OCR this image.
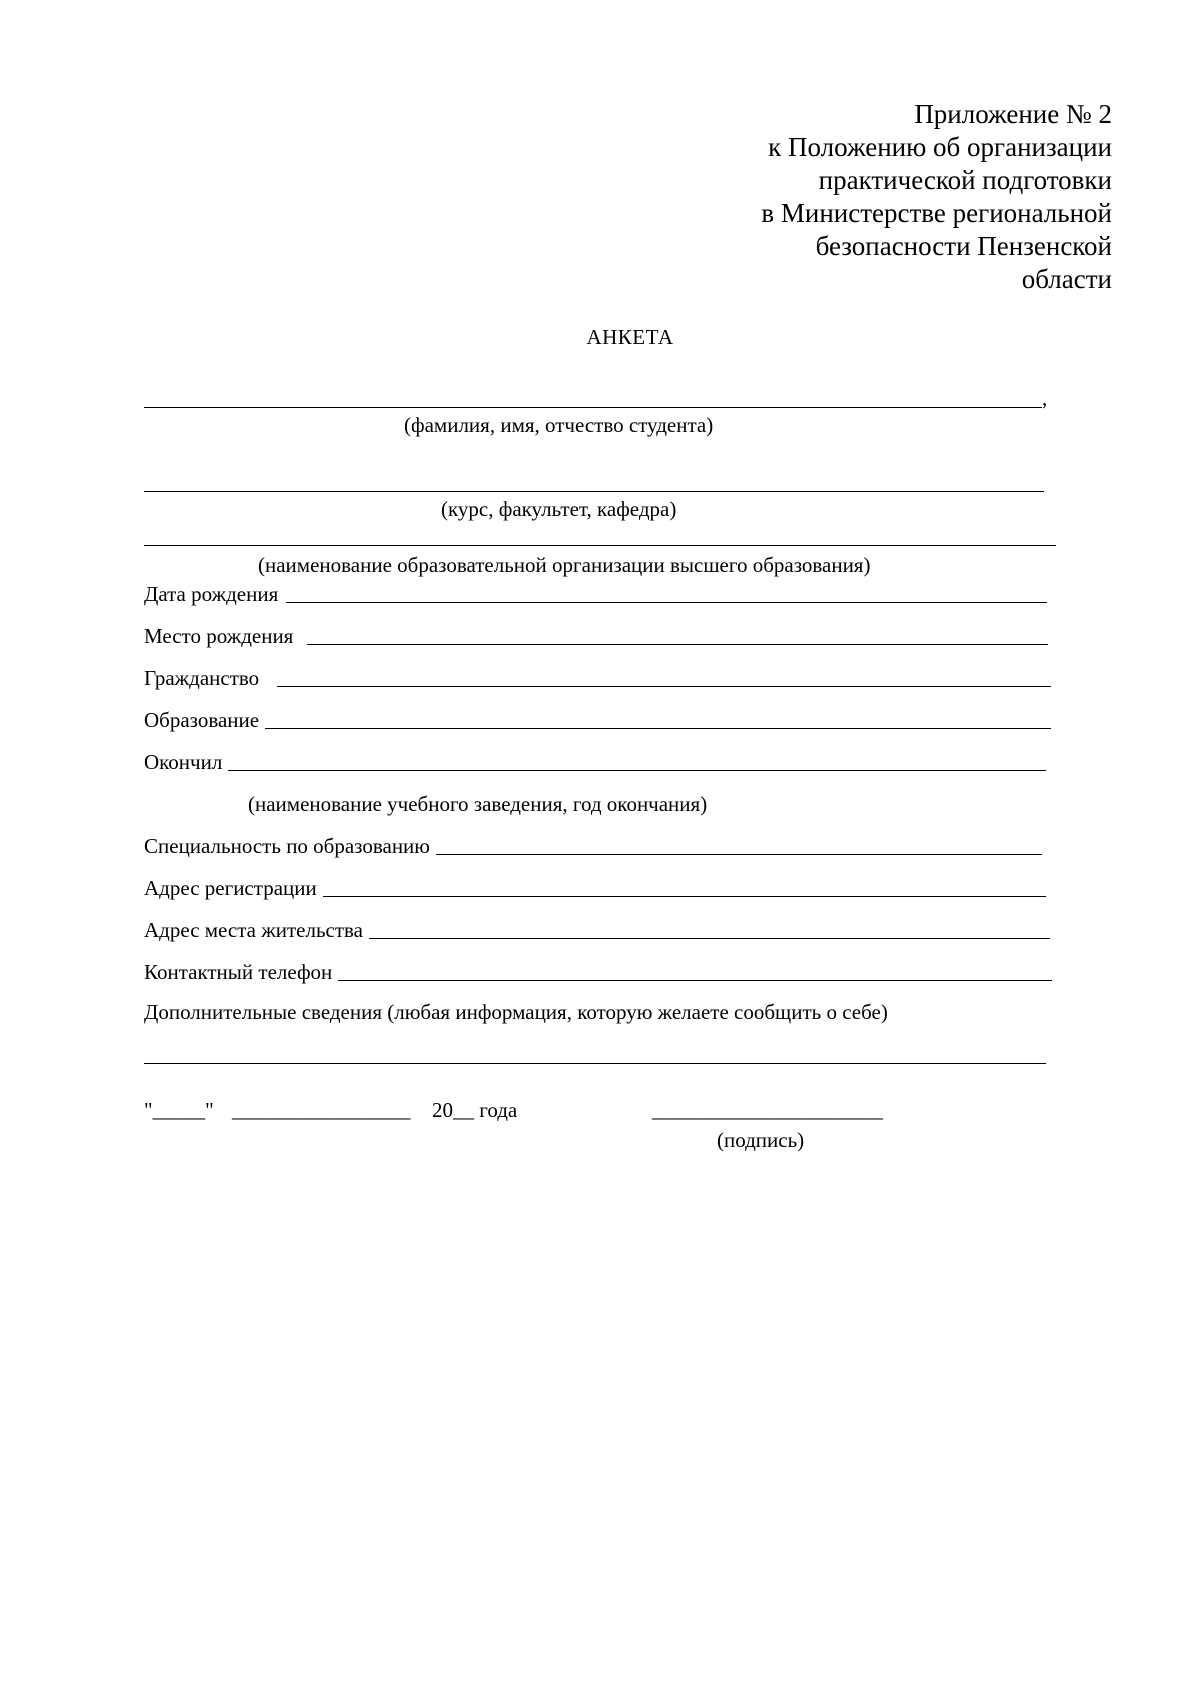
Приложение № 2
к Положению об организации
практической подготовки
в Министерстве региональной
безопасности Пензенской
области
АНКЕТА
,
(фамилия, имя, отчество студента)
(курс, факультет, кафедра)
(наименование образовательной организации высшего образования)
Дата рождения
Место рождения
Гражданство
Образование
Окончил
(наименование учебного заведения, год окончания)
Специальность по образованию
Адрес регистрации
Адрес места жительства
Контактный телефон
Дополнительные сведения (любая информация, которую желаете сообщить о себе)
"_____" _________________ 20__ года	______________________
(подпись)
